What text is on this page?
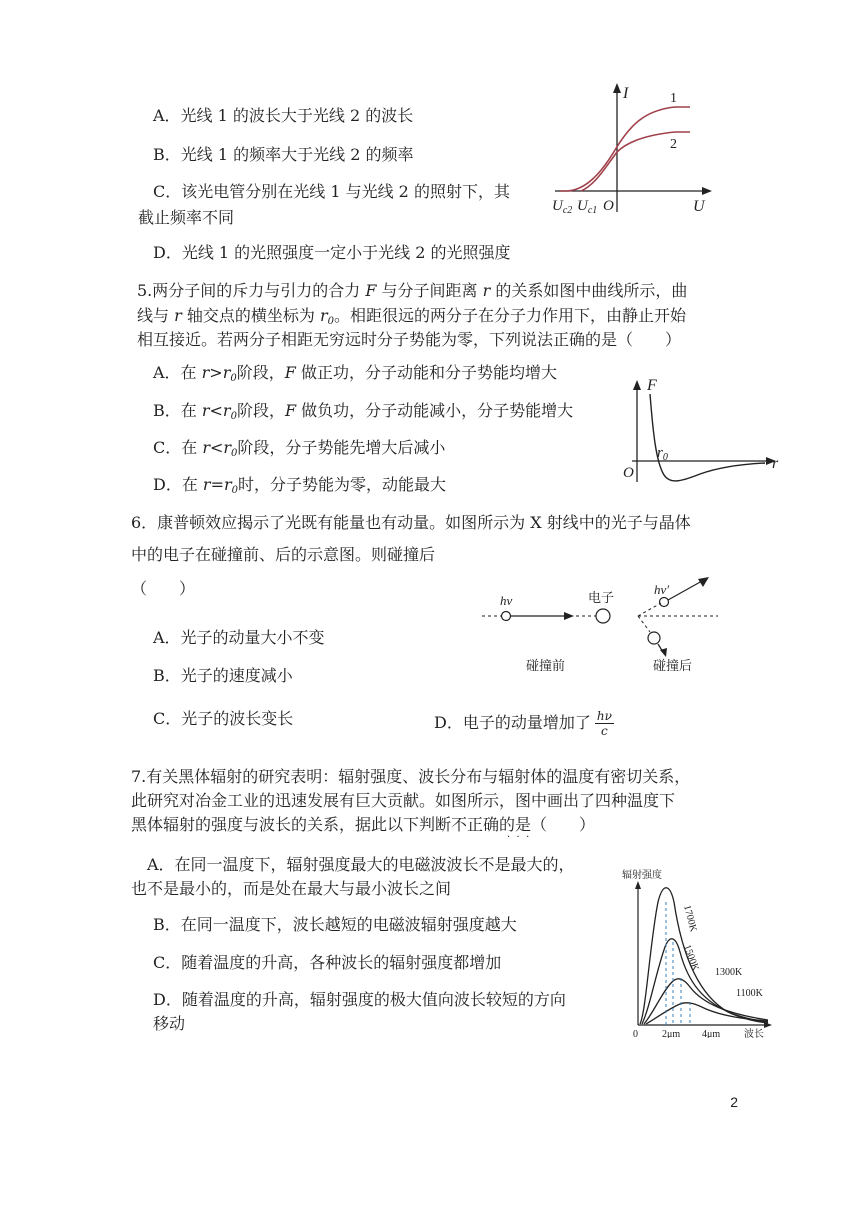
A．光线 1 的波长大于光线 2 的波长
B．光线 1 的频率大于光线 2 的频率
C．该光电管分别在光线 1 与光线 2 的照射下，其
截止频率不同
D．光线 1 的光照强度一定小于光线 2 的光照强度
I
U
1
2
O
$U_{c2}$ $U_{c1}$
5.两分子间的斥力与引力的合力 F 与分子间距离 r 的关系如图中曲线所示，曲
线与 r 轴交点的横坐标为 $r_0$。相距很远的两分子在分子力作用下，由静止开始
相互接近。若两分子相距无穷远时分子势能为零，下列说法正确的是（　　）
A．在 $r>r_0$阶段，F 做正功，分子动能和分子势能均增大
B．在 $r<r_0$阶段，F 做负功，分子动能减小，分子势能增大
C．在 $r<r_0$阶段，分子势能先增大后减小
D．在 $r=r_0$时，分子势能为零，动能最大
F
r
O
$r_0$
6．康普顿效应揭示了光既有能量也有动量。如图所示为 X 射线中的光子与晶体
中的电子在碰撞前、后的示意图。则碰撞后
（　　）
A．光子的动量大小不变
B．光子的速度减小
C．光子的波长变长	D．电子的动量增加了 $\frac{h\nu}{c}$
hν	电子
碰撞前
hν′
碰撞后
7.有关黑体辐射的研究表明：辐射强度、波长分布与辐射体的温度有密切关系，
此研究对冶金工业的迅速发展有巨大贡献。如图所示，图中画出了四种温度下
黑体辐射的强度与波长的关系，据此以下判断不正确的是（　　）
·  ·  ·
A．在同一温度下，辐射强度最大的电磁波波长不是最大的，
也不是最小的，而是处在最大与最小波长之间
B．在同一温度下，波长越短的电磁波辐射强度越大
C．随着温度的升高，各种波长的辐射强度都增加
D．随着温度的升高，辐射强度的极大值向波长较短的方向
移动
辐射强度
1700K
1500K 1300K
1100K
0 2μm 4μm 波长
2
